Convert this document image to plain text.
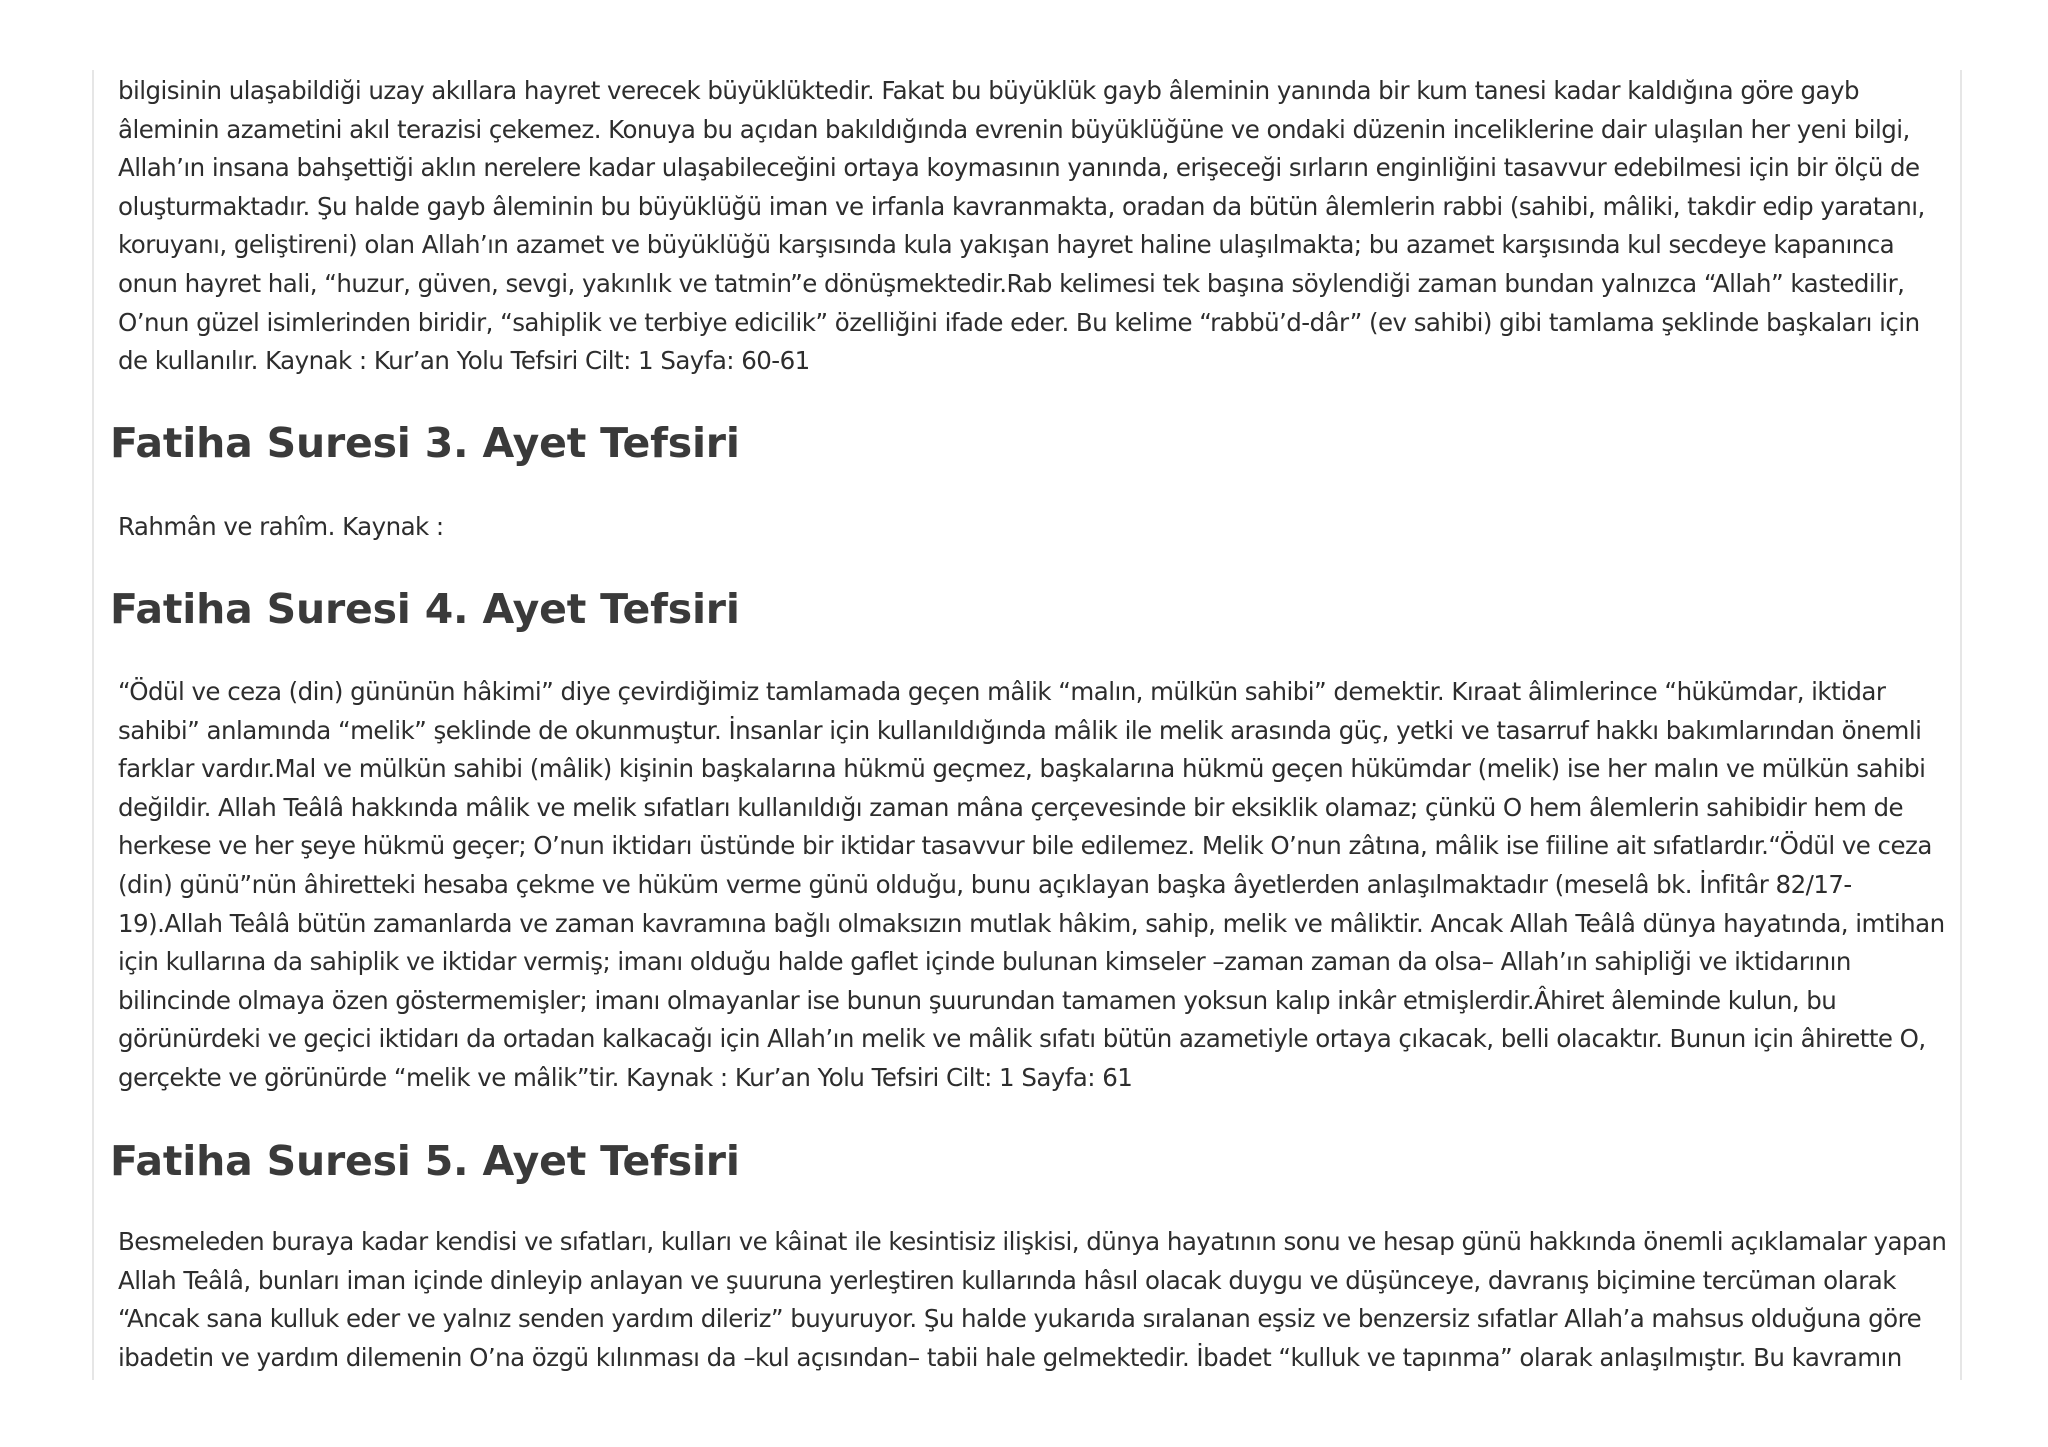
bilgisinin ulaşabildiği uzay akıllara hayret verecek büyüklüktedir. Fakat bu büyüklük gayb âleminin yanında bir kum tanesi kadar kaldığına göre gayb âleminin azametini akıl terazisi çekemez. Konuya bu açıdan bakıldığında evrenin büyüklüğüne ve ondaki düzenin inceliklerine dair ulaşılan her yeni bilgi, Allah’ın insana bahşettiği aklın nerelere kadar ulaşabileceğini ortaya koymasının yanında, erişeceği sırların enginliğini tasavvur edebilmesi için bir ölçü de oluşturmaktadır. Şu halde gayb âleminin bu büyüklüğü iman ve irfanla kavranmakta, oradan da bütün âlemlerin rabbi (sahibi, mâliki, takdir edip yaratanı, koruyanı, geliştireni) olan Allah’ın azamet ve büyüklüğü karşısında kula yakışan hayret haline ulaşılmakta; bu azamet karşısında kul secdeye kapanınca onun hayret hali, “huzur, güven, sevgi, yakınlık ve tatmin”e dönüşmektedir.Rab kelimesi tek başına söylendiği zaman bundan yalnızca “Allah” kastedilir, O’nun güzel isimlerinden biridir, “sahiplik ve terbiye edicilik” özelliğini ifade eder. Bu kelime “rabbü’d-dâr” (ev sahibi) gibi tamlama şeklinde başkaları için de kullanılır. Kaynak : Kur’an Yolu Tefsiri Cilt: 1 Sayfa: 60-61

Fatiha Suresi 3. Ayet Tefsiri

Rahmân ve rahîm. Kaynak :

Fatiha Suresi 4. Ayet Tefsiri

“Ödül ve ceza (din) gününün hâkimi” diye çevirdiğimiz tamlamada geçen mâlik “malın, mülkün sahibi” demektir. Kıraat âlimlerince “hükümdar, iktidar sahibi” anlamında “melik” şeklinde de okunmuştur. İnsanlar için kullanıldığında mâlik ile melik arasında güç, yetki ve tasarruf hakkı bakımlarından önemli farklar vardır.Mal ve mülkün sahibi (mâlik) kişinin başkalarına hükmü geçmez, başkalarına hükmü geçen hükümdar (melik) ise her malın ve mülkün sahibi değildir. Allah Teâlâ hakkında mâlik ve melik sıfatları kullanıldığı zaman mâna çerçevesinde bir eksiklik olamaz; çünkü O hem âlemlerin sahibidir hem de herkese ve her şeye hükmü geçer; O’nun iktidarı üstünde bir iktidar tasavvur bile edilemez. Melik O’nun zâtına, mâlik ise fiiline ait sıfatlardır.“Ödül ve ceza (din) günü”nün âhiretteki hesaba çekme ve hüküm verme günü olduğu, bunu açıklayan başka âyetlerden anlaşılmaktadır (meselâ bk. İnfitâr 82/17-19).Allah Teâlâ bütün zamanlarda ve zaman kavramına bağlı olmaksızın mutlak hâkim, sahip, melik ve mâliktir. Ancak Allah Teâlâ dünya hayatında, imtihan için kullarına da sahiplik ve iktidar vermiş; imanı olduğu halde gaflet içinde bulunan kimseler –zaman zaman da olsa– Allah’ın sahipliği ve iktidarının bilincinde olmaya özen göstermemişler; imanı olmayanlar ise bunun şuurundan tamamen yoksun kalıp inkâr etmişlerdir.Âhiret âleminde kulun, bu görünürdeki ve geçici iktidarı da ortadan kalkacağı için Allah’ın melik ve mâlik sıfatı bütün azametiyle ortaya çıkacak, belli olacaktır. Bunun için âhirette O, gerçekte ve görünürde “melik ve mâlik”tir. Kaynak : Kur’an Yolu Tefsiri Cilt: 1 Sayfa: 61

Fatiha Suresi 5. Ayet Tefsiri

Besmeleden buraya kadar kendisi ve sıfatları, kulları ve kâinat ile kesintisiz ilişkisi, dünya hayatının sonu ve hesap günü hakkında önemli açıklamalar yapan Allah Teâlâ, bunları iman içinde dinleyip anlayan ve şuuruna yerleştiren kullarında hâsıl olacak duygu ve düşünceye, davranış biçimine tercüman olarak “Ancak sana kulluk eder ve yalnız senden yardım dileriz” buyuruyor. Şu halde yukarıda sıralanan eşsiz ve benzersiz sıfatlar Allah’a mahsus olduğuna göre ibadetin ve yardım dilemenin O’na özgü kılınması da –kul açısından– tabii hale gelmektedir. İbadet “kulluk ve tapınma” olarak anlaşılmıştır. Bu kavramın
